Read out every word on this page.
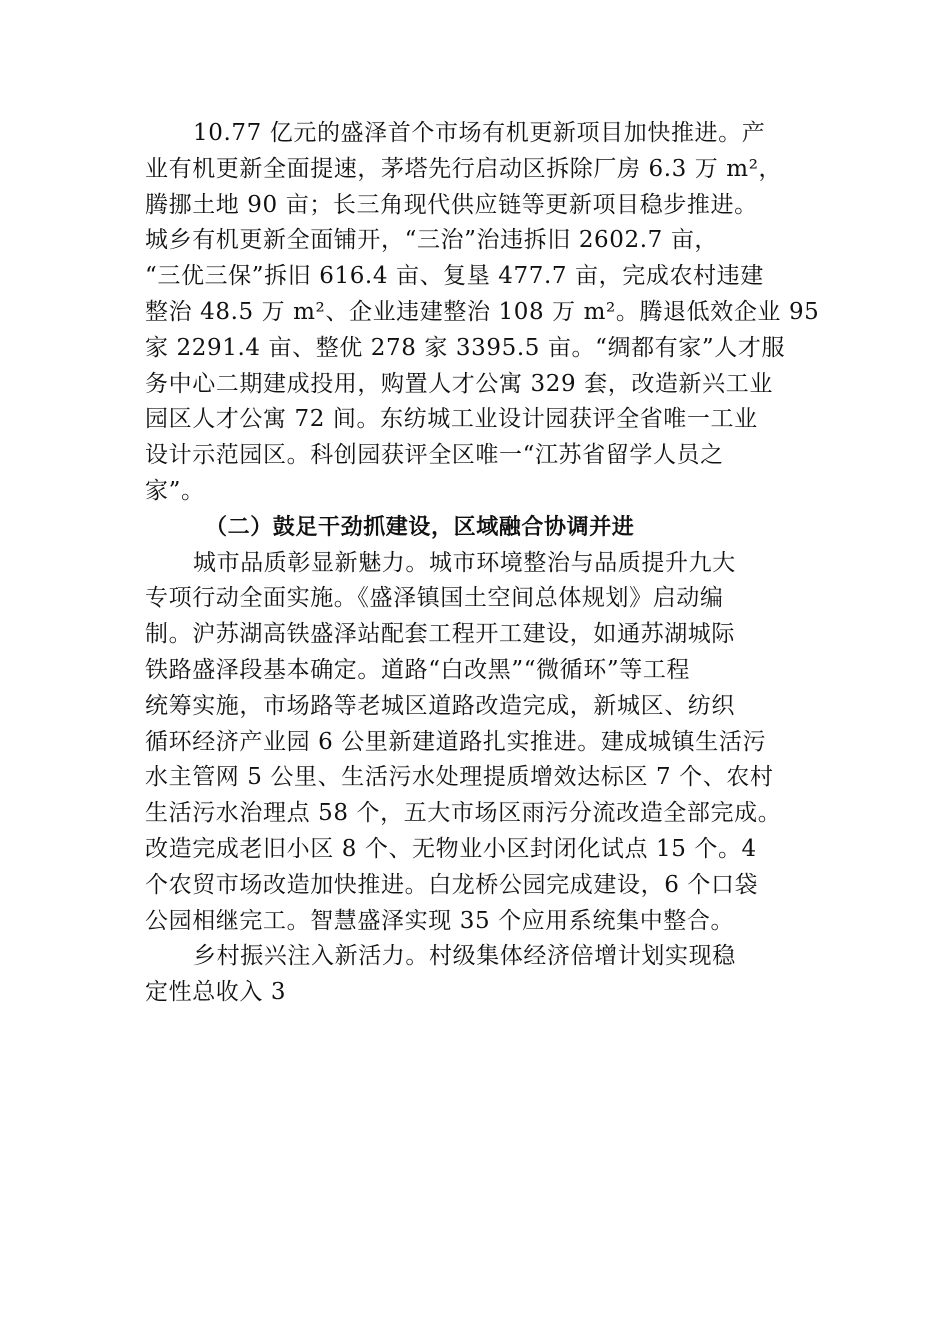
10.77 亿元的盛泽首个市场有机更新项目加快推进。产
业有机更新全面提速，茅塔先行启动区拆除厂房 6.3 万 m²，
腾挪土地 90 亩；长三角现代供应链等更新项目稳步推进。
城乡有机更新全面铺开，“三治”治违拆旧 2602.7 亩，
“三优三保”拆旧 616.4 亩、复垦 477.7 亩，完成农村违建
整治 48.5 万 m²、企业违建整治 108 万 m²。腾退低效企业 95
家 2291.4 亩、整优 278 家 3395.5 亩。“绸都有家”人才服
务中心二期建成投用，购置人才公寓 329 套，改造新兴工业
园区人才公寓 72 间。东纺城工业设计园获评全省唯一工业
设计示范园区。科创园获评全区唯一“江苏省留学人员之
家”。
（二）鼓足干劲抓建设，区域融合协调并进
城市品质彰显新魅力。城市环境整治与品质提升九大
专项行动全面实施。《盛泽镇国土空间总体规划》启动编
制。沪苏湖高铁盛泽站配套工程开工建设，如通苏湖城际
铁路盛泽段基本确定。道路“白改黑”“微循环”等工程
统筹实施，市场路等老城区道路改造完成，新城区、纺织
循环经济产业园 6 公里新建道路扎实推进。建成城镇生活污
水主管网 5 公里、生活污水处理提质增效达标区 7 个、农村
生活污水治理点 58 个，五大市场区雨污分流改造全部完成。
改造完成老旧小区 8 个、无物业小区封闭化试点 15 个。4
个农贸市场改造加快推进。白龙桥公园完成建设，6 个口袋
公园相继完工。智慧盛泽实现 35 个应用系统集中整合。
乡村振兴注入新活力。村级集体经济倍增计划实现稳
定性总收入 3
